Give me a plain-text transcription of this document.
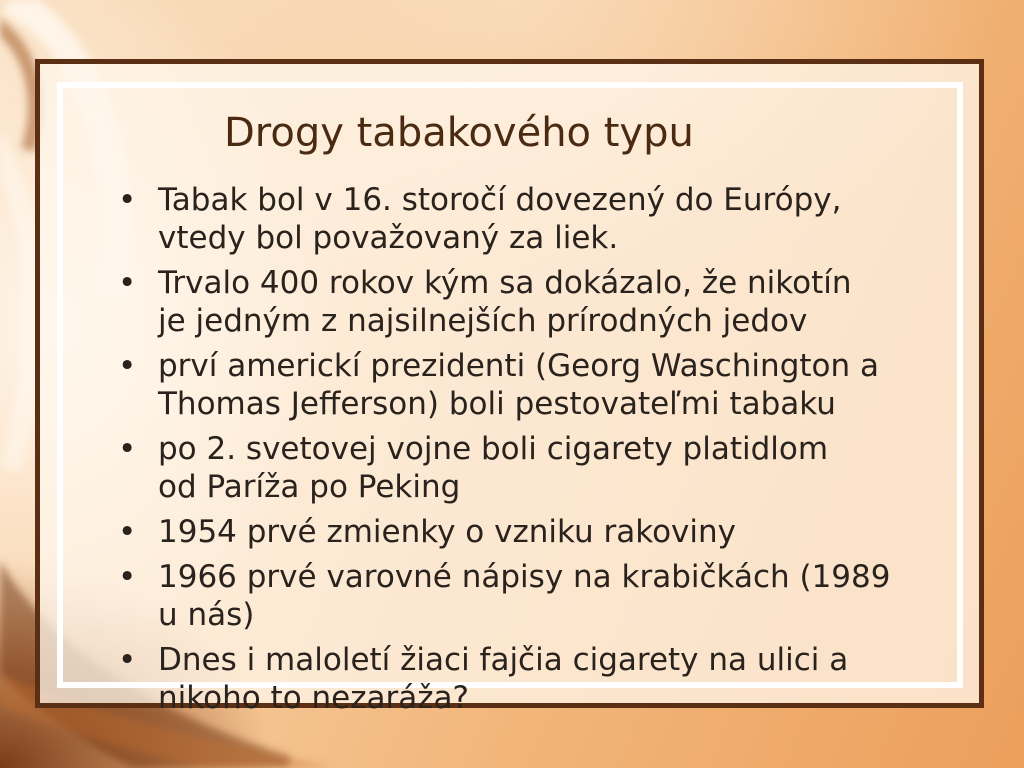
Drogy tabakového typu
• Tabak bol v 16. storočí dovezený do Európy,
vtedy bol považovaný za liek.
• Trvalo 400 rokov kým sa dokázalo, že nikotín
je jedným z najsilnejších prírodných jedov
• prví americkí prezidenti (Georg Waschington a
Thomas Jefferson) boli pestovateľmi tabaku
• po 2. svetovej vojne boli cigarety platidlom
od Paríža po Peking
• 1954 prvé zmienky o vzniku rakoviny
• 1966 prvé varovné nápisy na krabičkách (1989
u nás)
• Dnes i maloletí žiaci fajčia cigarety na ulici a
nikoho to nezaráža?
